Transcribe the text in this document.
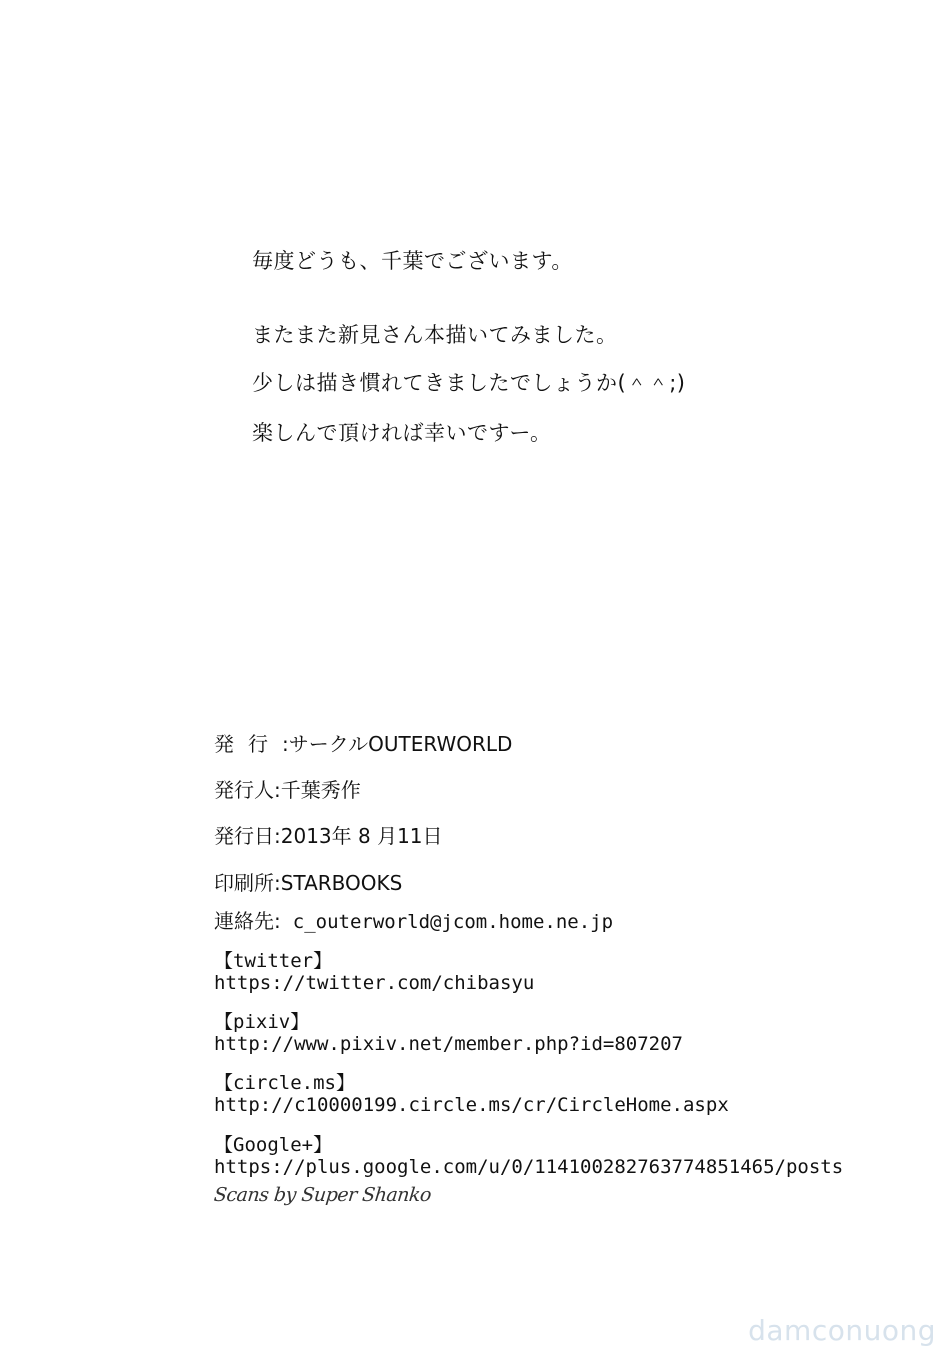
毎度どうも、千葉でございます。
またまた新見さん本描いてみました。
少しは描き慣れてきましたでしょうか(＾＾;)
楽しんで頂ければ幸いですー。
発行:サークルOUTERWORLD
発行人:千葉秀作
発行日:2013年 8 月11日
印刷所:STARBOOKS
連絡先: c_outerworld@jcom.home.ne.jp
【twitter】
https://twitter.com/chibasyu
【pixiv】
http://www.pixiv.net/member.php?id=807207
【circle.ms】
http://c10000199.circle.ms/cr/CircleHome.aspx
【Google+】
https://plus.google.com/u/0/114100282763774851465/posts
Scans by Super Shanko
damconuong
